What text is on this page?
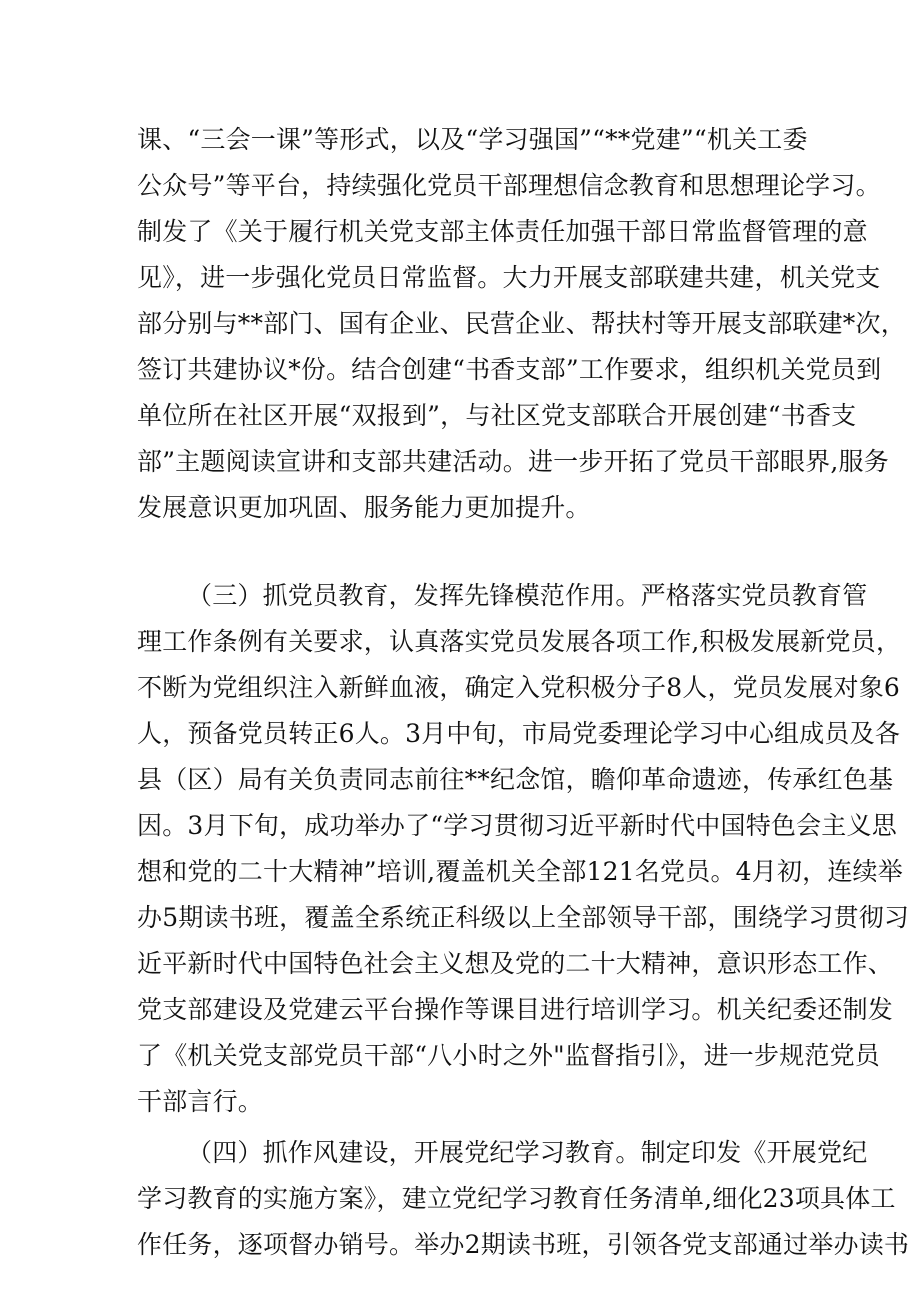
课、“三会一课”等形式，以及“学习强国”“**党建”“机关工委
公众号”等平台，持续强化党员干部理想信念教育和思想理论学习。
制发了《关于履行机关党支部主体责任加强干部日常监督管理的意
见》，进一步强化党员日常监督。大力开展支部联建共建，机关党支
部分别与**部门、国有企业、民营企业、帮扶村等开展支部联建*次，
签订共建协议*份。结合创建“书香支部”工作要求，组织机关党员到
单位所在社区开展“双报到”，与社区党支部联合开展创建“书香支
部”主题阅读宣讲和支部共建活动。进一步开拓了党员干部眼界,服务
发展意识更加巩固、服务能力更加提升。
（三）抓党员教育，发挥先锋模范作用。严格落实党员教育管
理工作条例有关要求，认真落实党员发展各项工作,积极发展新党员，
不断为党组织注入新鲜血液，确定入党积极分子8人，党员发展对象6
人，预备党员转正6人。3月中旬，市局党委理论学习中心组成员及各
县（区）局有关负责同志前往**纪念馆，瞻仰革命遗迹，传承红色基
因。3月下旬，成功举办了“学习贯彻习近平新时代中国特色会主义思
想和党的二十大精神”培训,覆盖机关全部121名党员。4月初，连续举
办5期读书班，覆盖全系统正科级以上全部领导干部，围绕学习贯彻习
近平新时代中国特色社会主义想及党的二十大精神，意识形态工作、
党支部建设及党建云平台操作等课目进行培训学习。机关纪委还制发
了《机关党支部党员干部“八小时之外"监督指引》，进一步规范党员
干部言行。
（四）抓作风建设，开展党纪学习教育。制定印发《开展党纪
学习教育的实施方案》，建立党纪学习教育任务清单,细化23项具体工
作任务，逐项督办销号。举办2期读书班，引领各党支部通过举办读书
